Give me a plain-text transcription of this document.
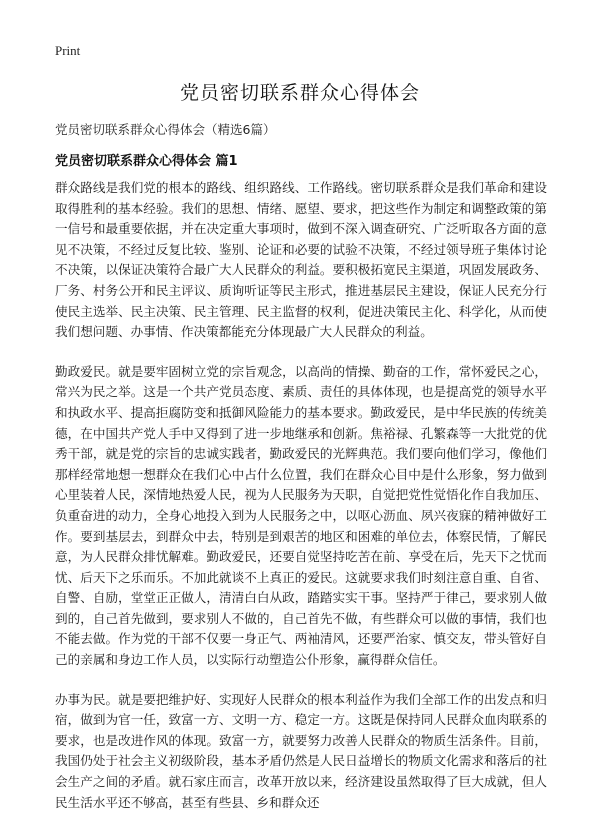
Print
党员密切联系群众心得体会
党员密切联系群众心得体会（精选6篇）
党员密切联系群众心得体会 篇1

群众路线是我们党的根本的路线、组织路线、工作路线。密切联系群众是我们革命和建设取得胜利的基本经验。我们的思想、情绪、愿望、要求，把这些作为制定和调整政策的第一信号和最重要依据，并在决定重大事项时，做到不深入调查研究、广泛听取各方面的意见不决策，不经过反复比较、鉴别、论证和必要的试验不决策，不经过领导班子集体讨论不决策，以保证决策符合最广大人民群众的利益。要积极拓宽民主渠道，巩固发展政务、厂务、村务公开和民主评议、质询听证等民主形式，推进基层民主建设，保证人民充分行使民主选举、民主决策、民主管理、民主监督的权利，促进决策民主化、科学化，从而使我们想问题、办事情、作决策都能充分体现最广大人民群众的利益。

勤政爱民。就是要牢固树立党的宗旨观念，以高尚的情操、勤奋的工作，常怀爱民之心，常兴为民之举。这是一个共产党员态度、素质、责任的具体体现，也是提高党的领导水平和执政水平、提高拒腐防变和抵御风险能力的基本要求。勤政爱民，是中华民族的传统美德，在中国共产党人手中又得到了进一步地继承和创新。焦裕禄、孔繁森等一大批党的优秀干部，就是党的宗旨的忠诚实践者，勤政爱民的光辉典范。我们要向他们学习，像他们那样经常地想一想群众在我们心中占什么位置，我们在群众心目中是什么形象，努力做到心里装着人民，深情地热爱人民，视为人民服务为天职，自觉把党性觉悟化作自我加压、负重奋进的动力，全身心地投入到为人民服务之中，以呕心沥血、夙兴夜寐的精神做好工作。要到基层去，到群众中去，特别是到艰苦的地区和困难的单位去，体察民情，了解民意，为人民群众排忧解难。勤政爱民，还要自觉坚持吃苦在前、享受在后，先天下之忧而忧、后天下之乐而乐。不加此就谈不上真正的爱民。这就要求我们时刻注意自重、自省、自警、自励，堂堂正正做人，清清白白从政，踏踏实实干事。坚持严于律己，要求别人做到的，自己首先做到，要求别人不做的，自己首先不做，有些群众可以做的事情，我们也不能去做。作为党的干部不仅要一身正气、两袖清风，还要严治家、慎交友，带头管好自己的亲属和身边工作人员，以实际行动塑造公仆形象，赢得群众信任。

办事为民。就是要把维护好、实现好人民群众的根本利益作为我们全部工作的出发点和归宿，做到为官一任，致富一方、文明一方、稳定一方。这既是保持同人民群众血肉联系的要求，也是改进作风的体现。致富一方，就要努力改善人民群众的物质生活条件。目前，我国仍处于社会主义初级阶段，基本矛盾仍然是人民日益增长的物质文化需求和落后的社会生产之间的矛盾。就石家庄而言，改革开放以来，经济建设虽然取得了巨大成就，但人民生活水平还不够高，甚至有些县、乡和群众还
